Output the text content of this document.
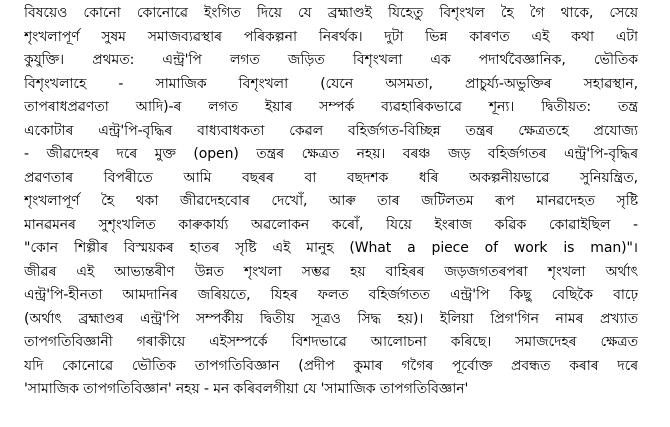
বিষয়েও কোনো কোনোৱে ইংগিত দিয়ে যে ব্ৰহ্মাণ্ডই যিহেতু বিশৃংখল হৈ গৈ থাকে, সেয়ে
শৃংখলাপূৰ্ণ সুষম সমাজব্যৱস্থাৰ পৰিকল্পনা নিৰৰ্থক। দুটা ভিন্ন কাৰণত এই কথা এটা
কুযুক্তি। প্ৰথমত: এন্ট্ৰ'পি লগত জড়িত বিশৃংখলা এক পদাৰ্থবৈজ্ঞানিক, ভৌতিক
বিশৃংখলাহে - সামাজিক বিশৃংখলা (যেনে অসমতা, প্ৰাচুৰ্য্য-অভুক্তিৰ সহাৱস্থান,
তাপৰাধপ্ৰৱণতা আদি)-ৰ লগত ইয়াৰ সম্পৰ্ক ব্যৱহাৰিকভাৱে শূন্য। দ্বিতীয়ত: তন্ত্ৰ
একোটাৰ এন্ট্ৰ'পি-বৃদ্ধিৰ বাধ্যবাধকতা কেৱল বহিৰ্জগত-বিচ্ছিন্ন তন্ত্ৰৰ ক্ষেত্ৰতহে প্ৰযোজ্য
- জীৱদেহৰ দৰে মুক্ত (open) তন্ত্ৰৰ ক্ষেত্ৰত নহয়। বৰঞ্চ জড় বহিৰ্জগতৰ এন্ট্ৰ'পি-বৃদ্ধিৰ
প্ৰৱণতাৰ বিপৰীতে আমি বছৰৰ বা বছদশক ধৰি অকল্পনীয়ভাৱে সুনিয়ন্ত্ৰিত,
শৃংখলাপূৰ্ণ হৈ থকা জীৱদেহবোৰ দেখোঁ, আৰু তাৰ জটিলতম ৰূপ মানৱদেহত সৃষ্টি
মানৱমনৰ সুশৃংখলিত কাৰুকাৰ্য্য অৱলোকন কৰোঁ, যিয়ে ইংৰাজ কৱিক কোৱাইছিল -
"কোন শিল্পীৰ বিস্ময়কৰ হাতৰ সৃষ্টি এই মানুহ (What a piece of work is man)"।
জীৱৰ এই আভ্যন্তৰীণ উন্নত শৃংখলা সম্ভৱ হয় বাহিৰৰ জড়জগতৰপৰা শৃংখলা অৰ্থাৎ
এন্ট্ৰ'পি-হীনতা আমদানিৰ জৰিয়তে, যিহৰ ফলত বহিৰ্জগতত এন্ট্ৰ'পি কিছু বেছিকৈ বাঢ়ে
(অৰ্থাৎ ব্ৰহ্মাণ্ডৰ এন্ট্ৰ'পি সম্পৰ্কীয় দ্বিতীয় সূত্ৰও সিদ্ধ হয়)। ইলিয়া প্ৰিগ'গিন নামৰ প্ৰখ্যাত
তাপগতিবিজ্ঞানী গৰাকীয়ে এইসম্পৰ্কে বিশদভাৱে আলোচনা কৰিছে। সমাজদেহৰ ক্ষেত্ৰত
যদি কোনোৱে ভৌতিক তাপগতিবিজ্ঞান (প্ৰদীপ কুমাৰ গগৈৰ পূৰ্বোক্ত প্ৰবন্ধত কৰাৰ দৰে
'সামাজিক তাপগতিবিজ্ঞান' নহয় - মন কৰিবলগীয়া যে 'সামাজিক তাপগতিবিজ্ঞান'
